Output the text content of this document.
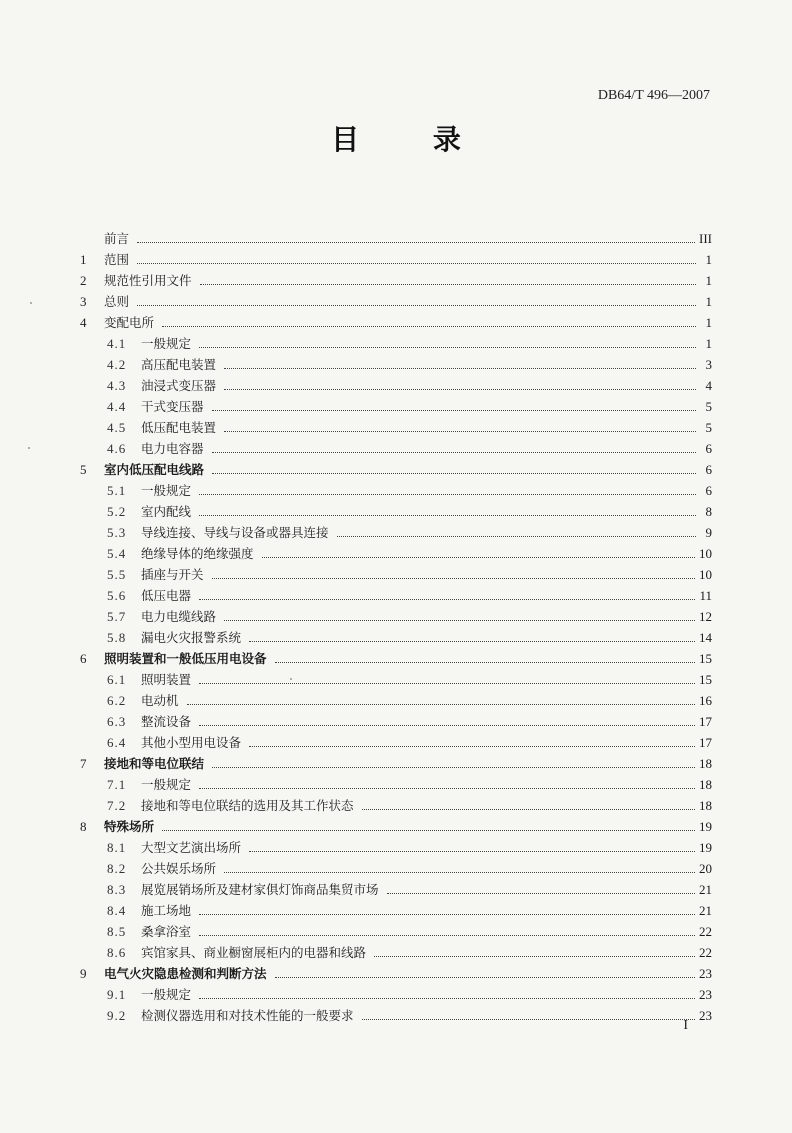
DB64/T 496—2007
目 录
前言	III
1	范围	1
2	规范性引用文件	1
3	总则	1
4	变配电所	1
4.1	一般规定	1
4.2	高压配电装置	3
4.3	油浸式变压器	4
4.4	干式变压器	5
4.5	低压配电装置	5
4.6	电力电容器	6
5	室内低压配电线路	6
5.1	一般规定	6
5.2	室内配线	8
5.3	导线连接、导线与设备或器具连接	9
5.4	绝缘导体的绝缘强度	10
5.5	插座与开关	10
5.6	低压电器	11
5.7	电力电缆线路	12
5.8	漏电火灾报警系统	14
6	照明装置和一般低压用电设备	15
6.1	照明装置	15
6.2	电动机	16
6.3	整流设备	17
6.4	其他小型用电设备	17
7	接地和等电位联结	18
7.1	一般规定	18
7.2	接地和等电位联结的选用及其工作状态	18
8	特殊场所	19
8.1	大型文艺演出场所	19
8.2	公共娱乐场所	20
8.3	展览展销场所及建材家俱灯饰商品集贸市场	21
8.4	施工场地	21
8.5	桑拿浴室	22
8.6	宾馆家具、商业橱窗展柜内的电器和线路	22
9	电气火灾隐患检测和判断方法	23
9.1	一般规定	23
9.2	检测仪器选用和对技术性能的一般要求	23
I
